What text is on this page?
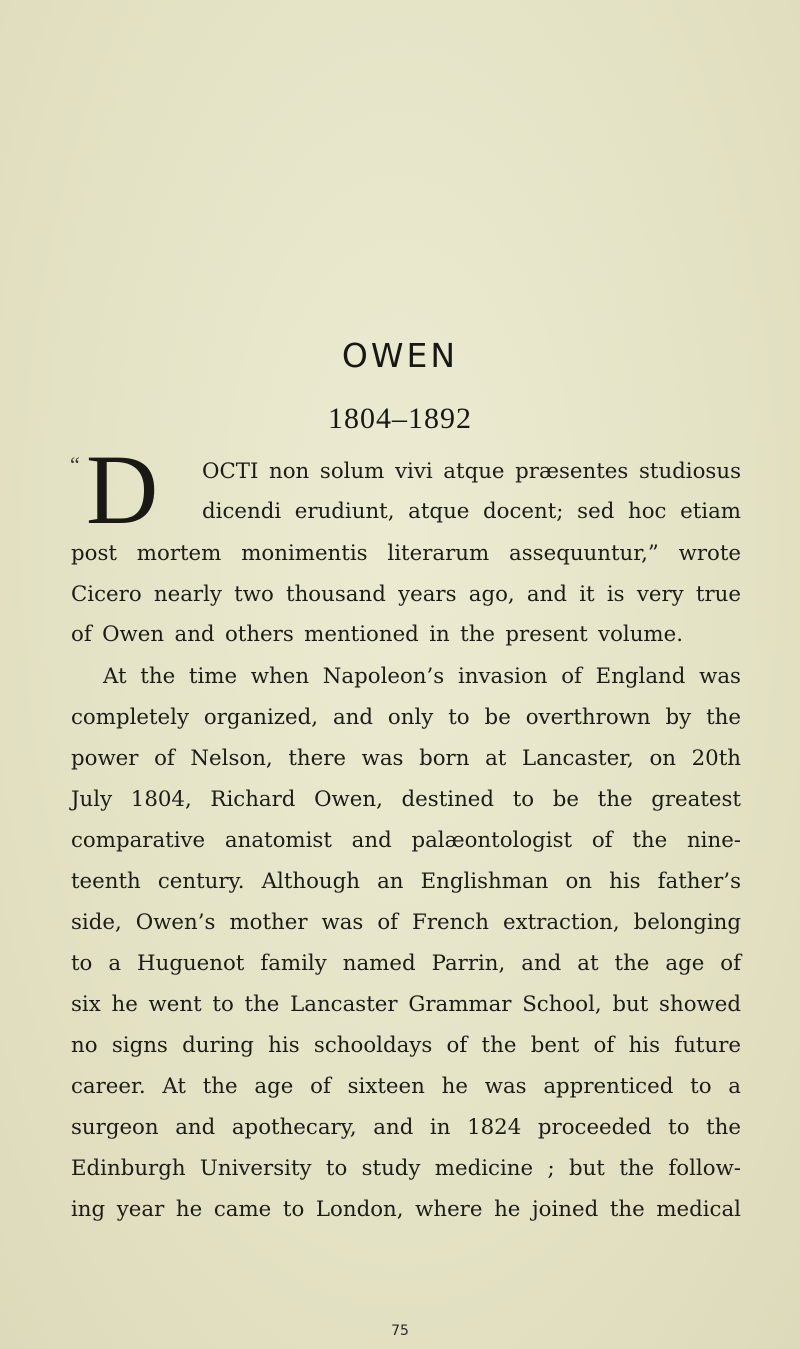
OWEN
1804–1892
“ D OCTI non solum vivi atque præsentes studiosus
dicendi erudiunt, atque docent; sed hoc etiam
post mortem monimentis literarum assequuntur,” wrote
Cicero nearly two thousand years ago, and it is very true
of Owen and others mentioned in the present volume.
At the time when Napoleon’s invasion of England was
completely organized, and only to be overthrown by the
power of Nelson, there was born at Lancaster, on 20th
July 1804, Richard Owen, destined to be the greatest
comparative anatomist and palæontologist of the nine-
teenth century. Although an Englishman on his father’s
side, Owen’s mother was of French extraction, belonging
to a Huguenot family named Parrin, and at the age of
six he went to the Lancaster Grammar School, but showed
no signs during his schooldays of the bent of his future
career. At the age of sixteen he was apprenticed to a
surgeon and apothecary, and in 1824 proceeded to the
Edinburgh University to study medicine ; but the follow-
ing year he came to London, where he joined the medical
75
